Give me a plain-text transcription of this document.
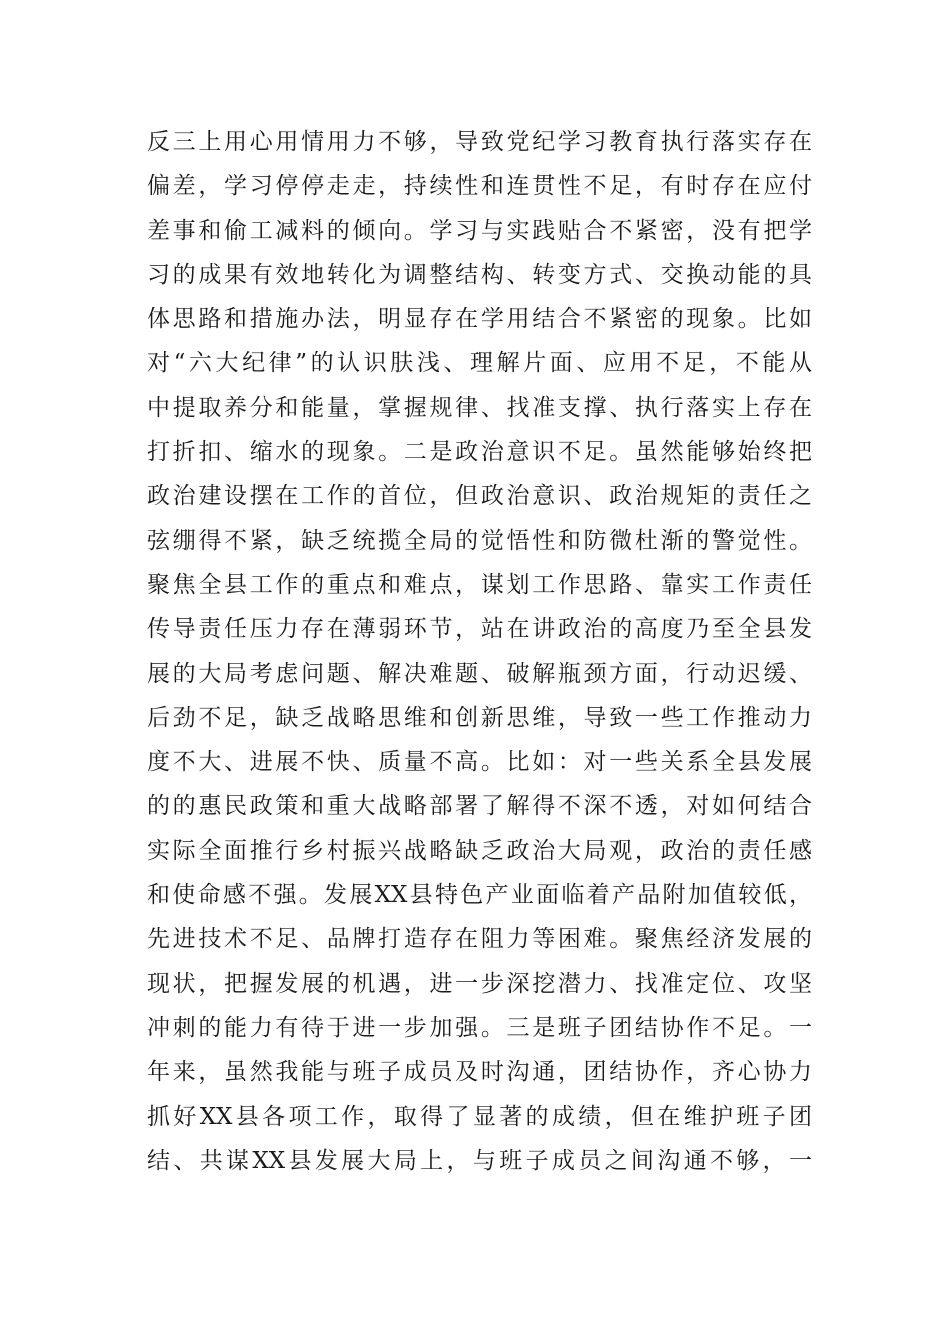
反三上用心用情用力不够，导致党纪学习教育执行落实存在
偏差，学习停停走走，持续性和连贯性不足，有时存在应付
差事和偷工减料的倾向。学习与实践贴合不紧密，没有把学
习的成果有效地转化为调整结构、转变方式、交换动能的具
体思路和措施办法，明显存在学用结合不紧密的现象。比如
对“六大纪律”的认识肤浅、理解片面、应用不足，不能从
中提取养分和能量，掌握规律、找准支撑、执行落实上存在
打折扣、缩水的现象。二是政治意识不足。虽然能够始终把
政治建设摆在工作的首位，但政治意识、政治规矩的责任之
弦绷得不紧，缺乏统揽全局的觉悟性和防微杜渐的警觉性。
聚焦全县工作的重点和难点，谋划工作思路、靠实工作责任
传导责任压力存在薄弱环节，站在讲政治的高度乃至全县发
展的大局考虑问题、解决难题、破解瓶颈方面，行动迟缓、
后劲不足，缺乏战略思维和创新思维，导致一些工作推动力
度不大、进展不快、质量不高。比如：对一些关系全县发展
的的惠民政策和重大战略部署了解得不深不透，对如何结合
实际全面推行乡村振兴战略缺乏政治大局观，政治的责任感
和使命感不强。发展XX县特色产业面临着产品附加值较低，
先进技术不足、品牌打造存在阻力等困难。聚焦经济发展的
现状，把握发展的机遇，进一步深挖潜力、找准定位、攻坚
冲刺的能力有待于进一步加强。三是班子团结协作不足。一
年来，虽然我能与班子成员及时沟通，团结协作，齐心协力
抓好XX县各项工作，取得了显著的成绩，但在维护班子团
结、共谋XX县发展大局上，与班子成员之间沟通不够，一
